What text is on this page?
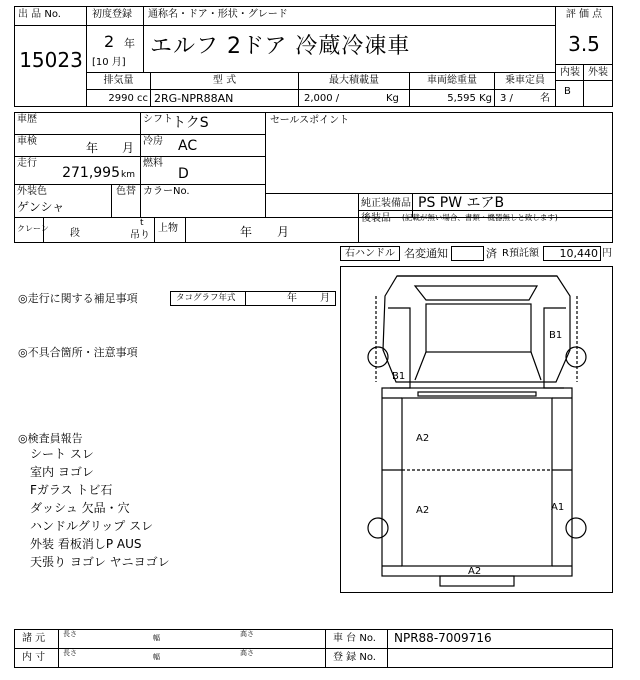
出 品 No.
15023
初度登録
2 年
[10 月]
通称名・ドア・形状・グレード
エルフ 2ドア 冷蔵冷凍車
評 価 点
3.5
内装 外装
B
排気量
2990 cc
型 式
2RG-NPR88AN
最大積載量
2,000 /	Kg
車両総重量
5,595 Kg
乗車定員
3 /	名
車歴	シフト トクS
車検	年 月 冷房 AC
走行
271,995 km
燃料
D
外装色
ゲンシャ
色替 カラーNo.
セールスポイント
純正装備品 PS PW エアB
後装品 (記載が無い場合、書類・機器無しと致します)
クレーン 段
t
吊り
上物	年 月
右ハンドル 名変通知	済 R預託額	10,440 円
◎走行に関する補足事項	タコグラフ年式	年 月
◎不具合箇所・注意事項
◎検査員報告
シート スレ
室内 ヨゴレ
Fガラス トビ石
ダッシュ 欠品・穴
ハンドルグリップ スレ
外装 看板消しP AUS
天張り ヨゴレ ヤニヨゴレ
B1
B1
A2
A2	A1
A2
諸 元
内 寸
長さ	幅	高さ
長さ	幅	高さ
車 台 No. NPR88-7009716
登 録 No.
